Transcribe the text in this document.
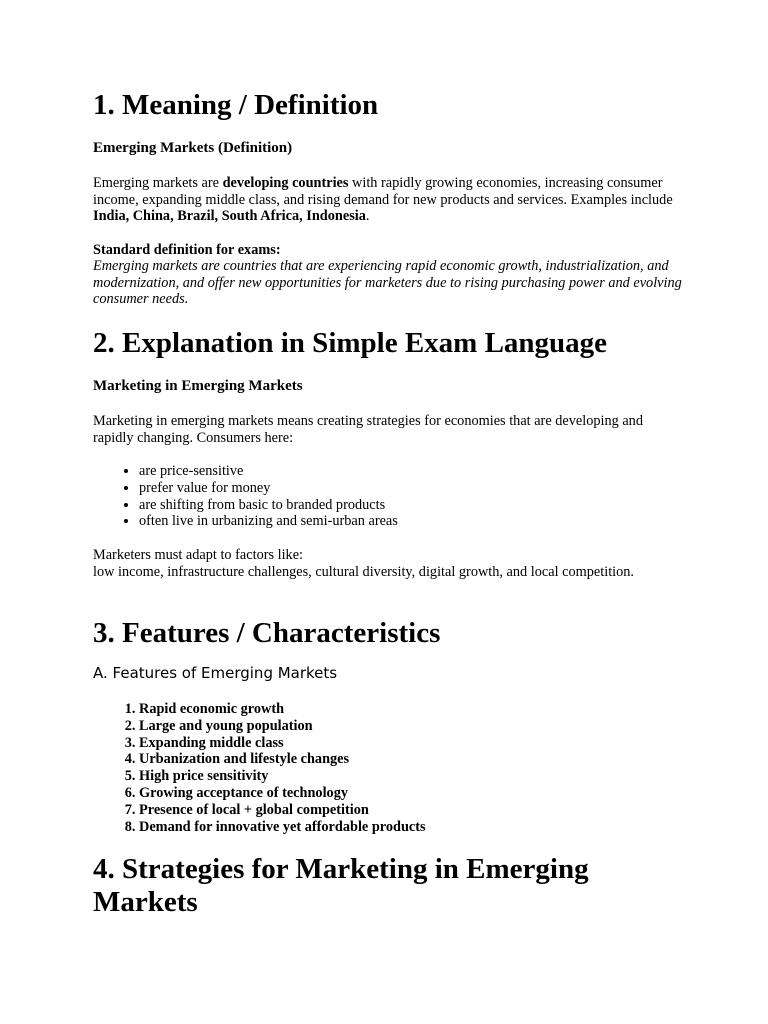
1. Meaning / Definition
Emerging Markets (Definition)

Emerging markets are developing countries with rapidly growing economies, increasing consumer income, expanding middle class, and rising demand for new products and services. Examples include India, China, Brazil, South Africa, Indonesia.

Standard definition for exams:

Emerging markets are countries that are experiencing rapid economic growth, industrialization, and modernization, and offer new opportunities for marketers due to rising purchasing power and evolving consumer needs.

2. Explanation in Simple Exam Language
Marketing in Emerging Markets

Marketing in emerging markets means creating strategies for economies that are developing and rapidly changing. Consumers here:

• are price-sensitive
• prefer value for money
• are shifting from basic to branded products
• often live in urbanizing and semi-urban areas

Marketers must adapt to factors like:
low income, infrastructure challenges, cultural diversity, digital growth, and local competition.

3. Features / Characteristics

A. Features of Emerging Markets

1. Rapid economic growth
2. Large and young population
3. Expanding middle class
4. Urbanization and lifestyle changes
5. High price sensitivity
6. Growing acceptance of technology
7. Presence of local + global competition
8. Demand for innovative yet affordable products
4. Strategies for Marketing in Emerging Markets
